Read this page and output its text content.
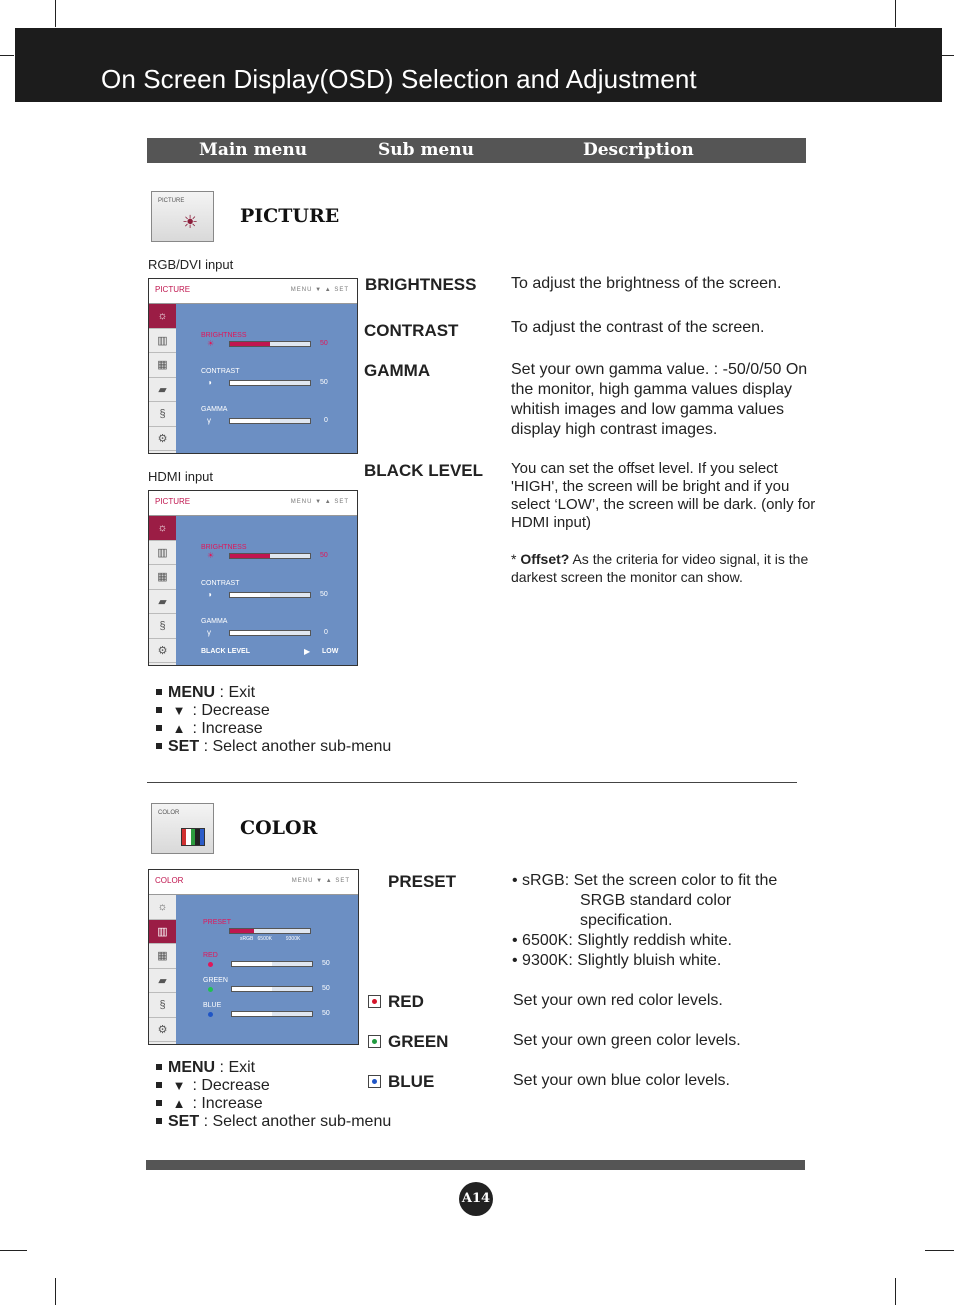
On Screen Display(OSD) Selection and Adjustment
Main menu	Sub menu	Description
PICTURE
☀ PICTURE
RGB/DVI input
PICTURE	MENU ▼ ▲ SET
☼
▥
▦
▰
§
⚙
BRIGHTNESS
☀	50
CONTRAST
◑	50
GAMMA
γ	0
HDMI input
PICTURE	MENU ▼ ▲ SET
☼
▥
▦
▰
§
⚙
BRIGHTNESS
☀	50
CONTRAST
◑	50
GAMMA
γ	0
BLACK LEVEL	▶ LOW
BRIGHTNESS To adjust the brightness of the screen.
CONTRAST	To adjust the contrast of the screen.
GAMMA	Set your own gamma value. : -50/0/50 On the monitor, high gamma values display whitish images and low gamma values display high contrast images.
BLACK LEVEL You can set the offset level. If you select 'HIGH', the screen will be bright and if you select ‘LOW’, the screen will be dark. (only for HDMI input)
* Offset? As the criteria for video signal, it is the darkest screen the monitor can show.
MENU : Exit
▼ : Decrease
▲ : Increase
SET : Select another sub-menu
COLOR
COLOR
COLOR	MENU ▼ ▲ SET
☼
▥
▦
▰
§
⚙
PRESET
sRGB   6500K          9300K
RED
50
GREEN
50
BLUE
50
PRESET	• sRGB: Set the screen color to fit the
SRGB standard color
specification.
• 6500K: Slightly reddish white.
• 9300K: Slightly bluish white.
RED	Set your own red color levels.
GREEN	Set your own green color levels.
BLUE	Set your own blue color levels.
MENU : Exit
▼ : Decrease
▲ : Increase
SET : Select another sub-menu
A14
